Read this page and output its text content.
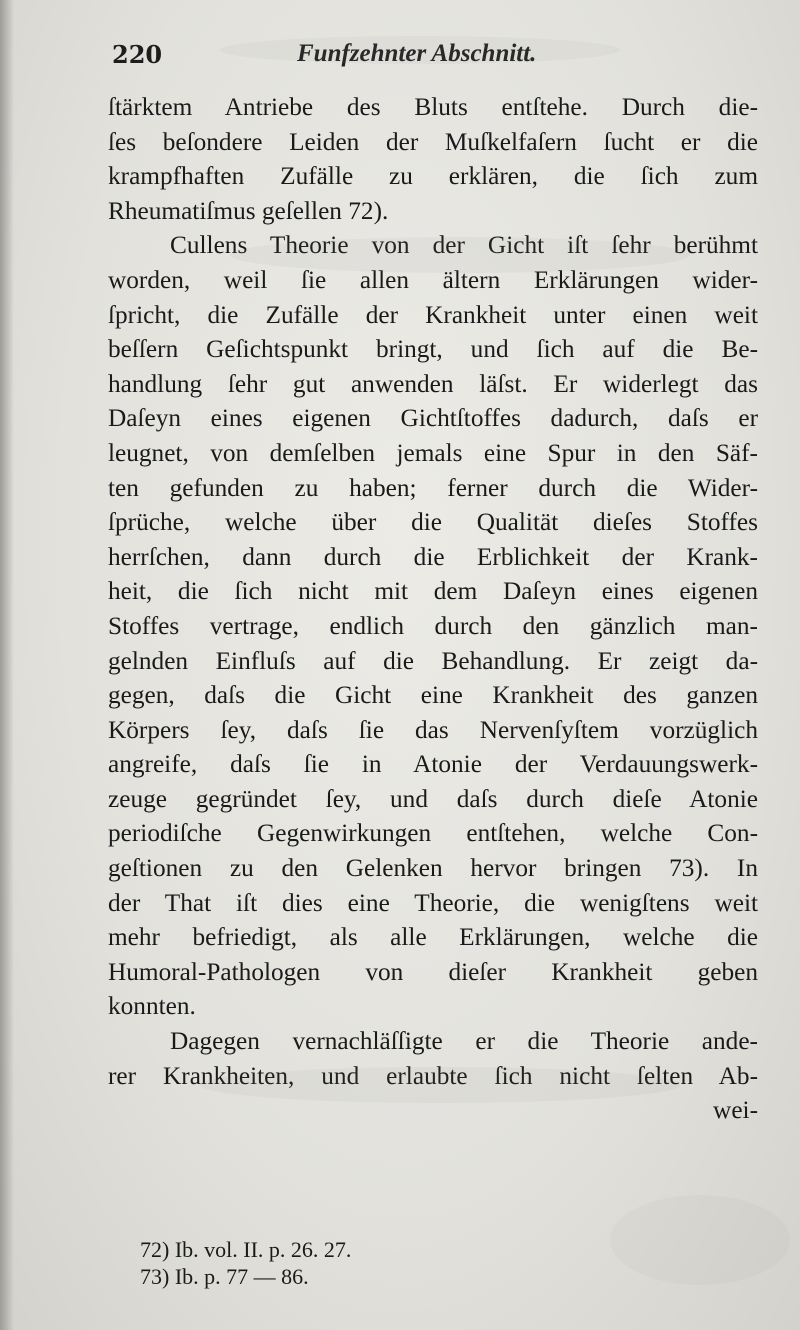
220	Funfzehnter Abschnitt.
ſtärktem Antriebe des Bluts entſtehe. Durch die-
ſes beſondere Leiden der Muſkelfaſern ſucht er die
krampfhaften Zufälle zu erklären, die ſich zum
Rheumatiſmus geſellen 72).
Cullens Theorie von der Gicht iſt ſehr berühmt
worden, weil ſie allen ältern Erklärungen wider-
ſpricht, die Zufälle der Krankheit unter einen weit
beſſern Geſichtspunkt bringt, und ſich auf die Be-
handlung ſehr gut anwenden läſst. Er widerlegt das
Daſeyn eines eigenen Gichtſtoffes dadurch, daſs er
leugnet, von demſelben jemals eine Spur in den Säf-
ten gefunden zu haben; ferner durch die Wider-
ſprüche, welche über die Qualität dieſes Stoffes
herrſchen, dann durch die Erblichkeit der Krank-
heit, die ſich nicht mit dem Daſeyn eines eigenen
Stoffes vertrage, endlich durch den gänzlich man-
gelnden Einfluſs auf die Behandlung. Er zeigt da-
gegen, daſs die Gicht eine Krankheit des ganzen
Körpers ſey, daſs ſie das Nervenſyſtem vorzüglich
angreife, daſs ſie in Atonie der Verdauungswerk-
zeuge gegründet ſey, und daſs durch dieſe Atonie
periodiſche Gegenwirkungen entſtehen, welche Con-
geſtionen zu den Gelenken hervor bringen 73). In
der That iſt dies eine Theorie, die wenigſtens weit
mehr befriedigt, als alle Erklärungen, welche die
Humoral-Pathologen von dieſer Krankheit geben
konnten.
Dagegen vernachläſſigte er die Theorie ande-
rer Krankheiten, und erlaubte ſich nicht ſelten Ab-
wei-
72) Ib. vol. II. p. 26. 27.
73) Ib. p. 77 — 86.
